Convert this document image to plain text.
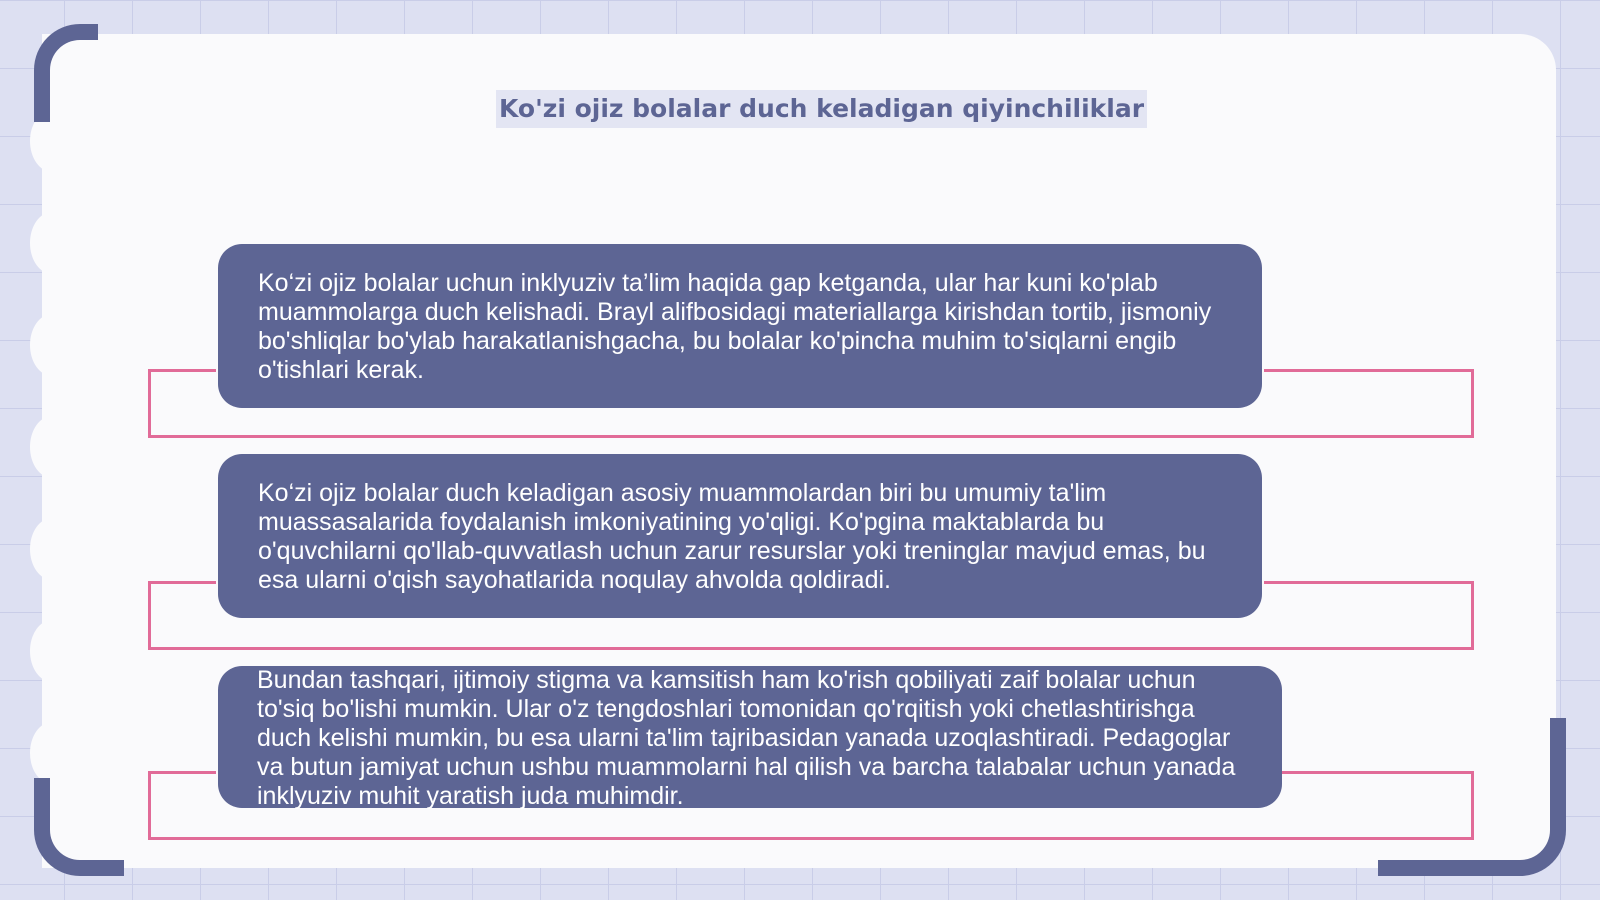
Ko'zi ojiz bolalar duch keladigan qiyinchiliklar
Ko‘zi ojiz bolalar uchun inklyuziv ta’lim haqida gap ketganda, ular har kuni ko'plab muammolarga duch kelishadi. Brayl alifbosidagi materiallarga kirishdan tortib, jismoniy bo'shliqlar bo'ylab harakatlanishgacha, bu bolalar ko'pincha muhim to'siqlarni engib o'tishlari kerak.
Ko‘zi ojiz bolalar duch keladigan asosiy muammolardan biri bu umumiy ta'lim muassasalarida foydalanish imkoniyatining yo'qligi. Ko'pgina maktablarda bu o'quvchilarni qo'llab-quvvatlash uchun zarur resurslar yoki treninglar mavjud emas, bu esa ularni o'qish sayohatlarida noqulay ahvolda qoldiradi.
Bundan tashqari, ijtimoiy stigma va kamsitish ham ko'rish qobiliyati zaif bolalar uchun to'siq bo'lishi mumkin. Ular o'z tengdoshlari tomonidan qo'rqitish yoki chetlashtirishga duch kelishi mumkin, bu esa ularni ta'lim tajribasidan yanada uzoqlashtiradi. Pedagoglar va butun jamiyat uchun ushbu muammolarni hal qilish va barcha talabalar uchun yanada inklyuziv muhit yaratish juda muhimdir.
